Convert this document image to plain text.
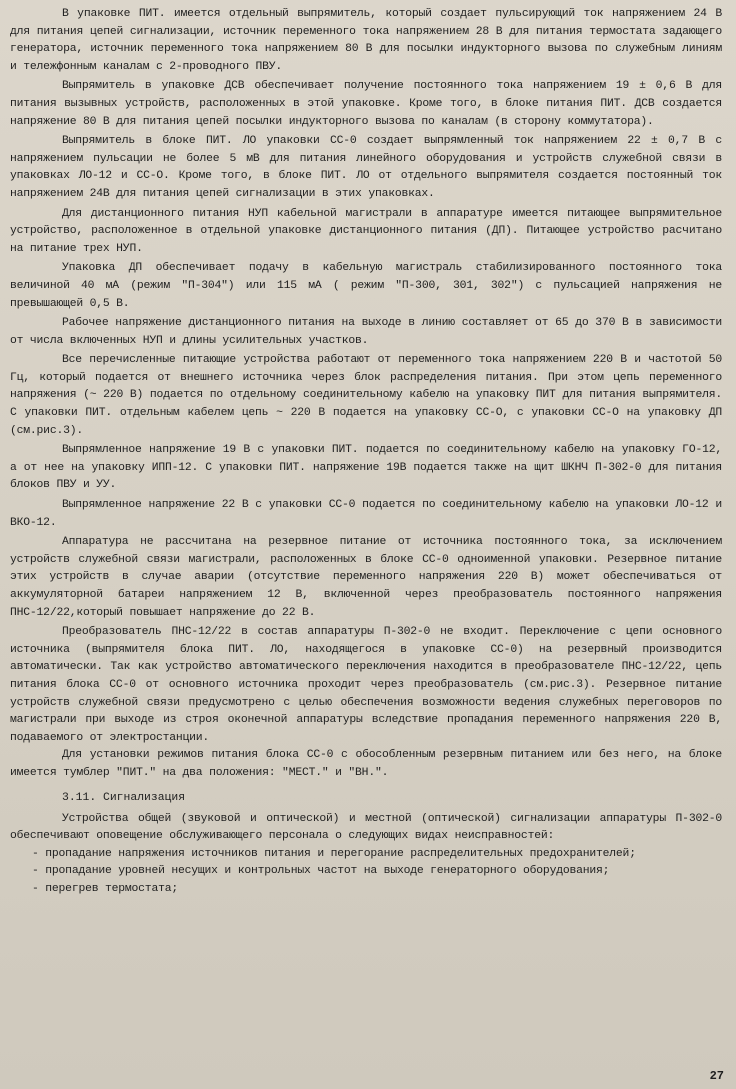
В упаковке ПИТ. имеется отдельный выпрямитель, который создает пульсирующий ток напряжением 24 В для питания цепей сигнализации, источник переменного тока напряжением 28 В для питания термостата задающего генератора, источник переменного тока напряжением 80 В для посылки индукторного вызова по служебным линиям и тележфонным каналам с 2-проводного ПВУ.

Выпрямитель в упаковке ДСВ обеспечивает получение постоянного тока напряжением 19 ± 0,6 В для питания вызывных устройств, расположенных в этой упаковке. Кроме того, в блоке питания ПИТ. ДСВ создается напряжение 80 В для питания цепей посылки индукторного вызова по каналам (в сторону коммутатора).

Выпрямитель в блоке ПИТ. ЛО упаковки СС-0 создает выпрямленный ток напряжением 22 ± 0,7 В с напряжением пульсации не более 5 мВ для питания линейного оборудования и устройств служебной связи в упаковках ЛО-12 и СС-О. Кроме того, в блоке ПИТ. ЛО от отдельного выпрямителя создается постоянный ток напряжением 24В для питания цепей сигнализации в этих упаковках.

Для дистанционного питания НУП кабельной магистрали в аппаратуре имеется питающее выпрямительное устройство, расположенное в отдельной упаковке дистанционного питания (ДП). Питающее устройство расчитано на питание трех НУП.

Упаковка ДП обеспечивает подачу в кабельную магистраль стабилизированного постоянного тока величиной 40 мА (режим "П-304") или 115 мА ( режим "П-300, 301, 302") с пульсацией напряжения не превышающей 0,5 В.

Рабочее напряжение дистанционного питания на выходе в линию составляет от 65 до 370 В в зависимости от числа включенных НУП и длины усилительных участков.

Все перечисленные питающие устройства работают от переменного тока напряжением 220 В и частотой 50 Гц, который подается от внешнего источника через блок распределения питания. При этом цепь переменного напряжения (~ 220 В) подается по отдельному соединительному кабелю на упаковку ПИТ для питания выпрямителя. С упаковки ПИТ. отдельным кабелем цепь ~ 220 В подается на упаковку СС-О, с упаковки СС-О на упаковку ДП (см.рис.3).

Выпрямленное напряжение 19 В с упаковки ПИТ. подается по соединительному кабелю на упаковку ГО-12, а от нее на упаковку ИПП-12. С упаковки ПИТ. напряжение 19В подается также на щит ШКНЧ П-302-0 для питания блоков ПВУ и УУ.

Выпрямленное напряжение 22 В с упаковки СС-0 подается по соединительному кабелю на упаковки ЛО-12 и ВКО-12.

Аппаратура не рассчитана на резервное питание от источника постоянного тока, за исключением устройств служебной связи магистрали, расположенных в блоке СС-0 одноименной упаковки. Резервное питание этих устройств в случае аварии (отсутствие переменного напряжения 220 В) может обеспечиваться от аккумуляторной батареи напряжением 12 В, включенной через преобразователь постоянного напряжения ПНС-12/22,который повышает напряжение до 22 В.

Преобразователь ПНС-12/22 в состав аппаратуры П-302-0 не входит. Переключение с цепи основного источника (выпрямителя блока ПИТ. ЛО, находящегося в упаковке СС-0) на резервный производится автоматически. Так как устройство автоматического переключения находится в преобразователе ПНС-12/22, цепь питания блока СС-0 от основного источника проходит через преобразователь (см.рис.3). Резервное питание устройств служебной связи предусмотрено с целью обеспечения возможности ведения служебных переговоров по магистрали при выходе из строя оконечной аппаратуры вследствие пропадания переменного напряжения 220 В, подаваемого от электростанции.

Для установки режимов питания блока СС-0 с обособленным резервным питанием или без него, на блоке имеется тумблер "ПИТ." на два положения: "МЕСТ." и "ВН.".

3.11. Сигнализация

Устройства общей (звуковой и оптической) и местной (оптической) сигнализации аппаратуры П-302-0 обеспечивают оповещение обслуживающего персонала о следующих видах неисправностей:

- пропадание напряжения источников питания и перегорание распределительных предохранителей;
- пропадание уровней несущих и контрольных частот на выходе генераторного оборудования;
- перегрев термостата;
27
